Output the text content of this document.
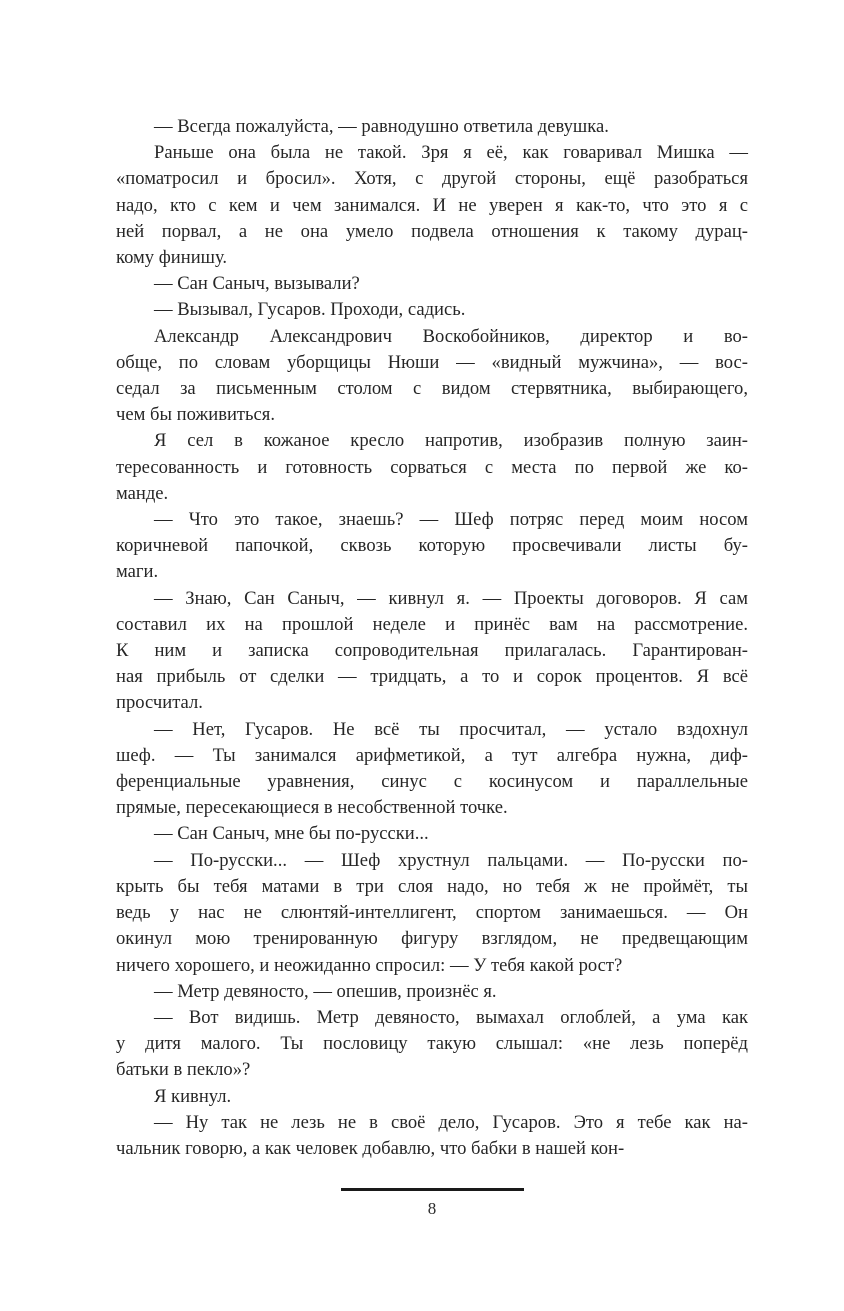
— Всегда пожалуйста, — равнодушно ответила девушка.
Раньше она была не такой. Зря я её, как говаривал Мишка —
«поматросил и бросил». Хотя, с другой стороны, ещё разобраться
надо, кто с кем и чем занимался. И не уверен я как-то, что это я с
ней порвал, а не она умело подвела отношения к такому дурац-
кому финишу.
— Сан Саныч, вызывали?
— Вызывал, Гусаров. Проходи, садись.
Александр Александрович Воскобойников, директор и во-
обще, по словам уборщицы Нюши — «видный мужчина», — вос-
седал за письменным столом с видом стервятника, выбирающего,
чем бы поживиться.
Я сел в кожаное кресло напротив, изобразив полную заин-
тересованность и готовность сорваться с места по первой же ко-
манде.
— Что это такое, знаешь? — Шеф потряс перед моим носом
коричневой папочкой, сквозь которую просвечивали листы бу-
маги.
— Знаю, Сан Саныч, — кивнул я. — Проекты договоров. Я сам
составил их на прошлой неделе и принёс вам на рассмотрение.
К ним и записка сопроводительная прилагалась. Гарантирован-
ная прибыль от сделки — тридцать, а то и сорок процентов. Я всё
просчитал.
— Нет, Гусаров. Не всё ты просчитал, — устало вздохнул
шеф. — Ты занимался арифметикой, а тут алгебра нужна, диф-
ференциальные уравнения, синус с косинусом и параллельные
прямые, пересекающиеся в несобственной точке.
— Сан Саныч, мне бы по-русски...
— По-русски... — Шеф хрустнул пальцами. — По-русски по-
крыть бы тебя матами в три слоя надо, но тебя ж не проймёт, ты
ведь у нас не слюнтяй-интеллигент, спортом занимаешься. — Он
окинул мою тренированную фигуру взглядом, не предвещающим
ничего хорошего, и неожиданно спросил: — У тебя какой рост?
— Метр девяносто, — опешив, произнёс я.
— Вот видишь. Метр девяносто, вымахал оглоблей, а ума как
у дитя малого. Ты пословицу такую слышал: «не лезь поперёд
батьки в пекло»?
Я кивнул.
— Ну так не лезь не в своё дело, Гусаров. Это я тебе как на-
чальник говорю, а как человек добавлю, что бабки в нашей кон-
8
